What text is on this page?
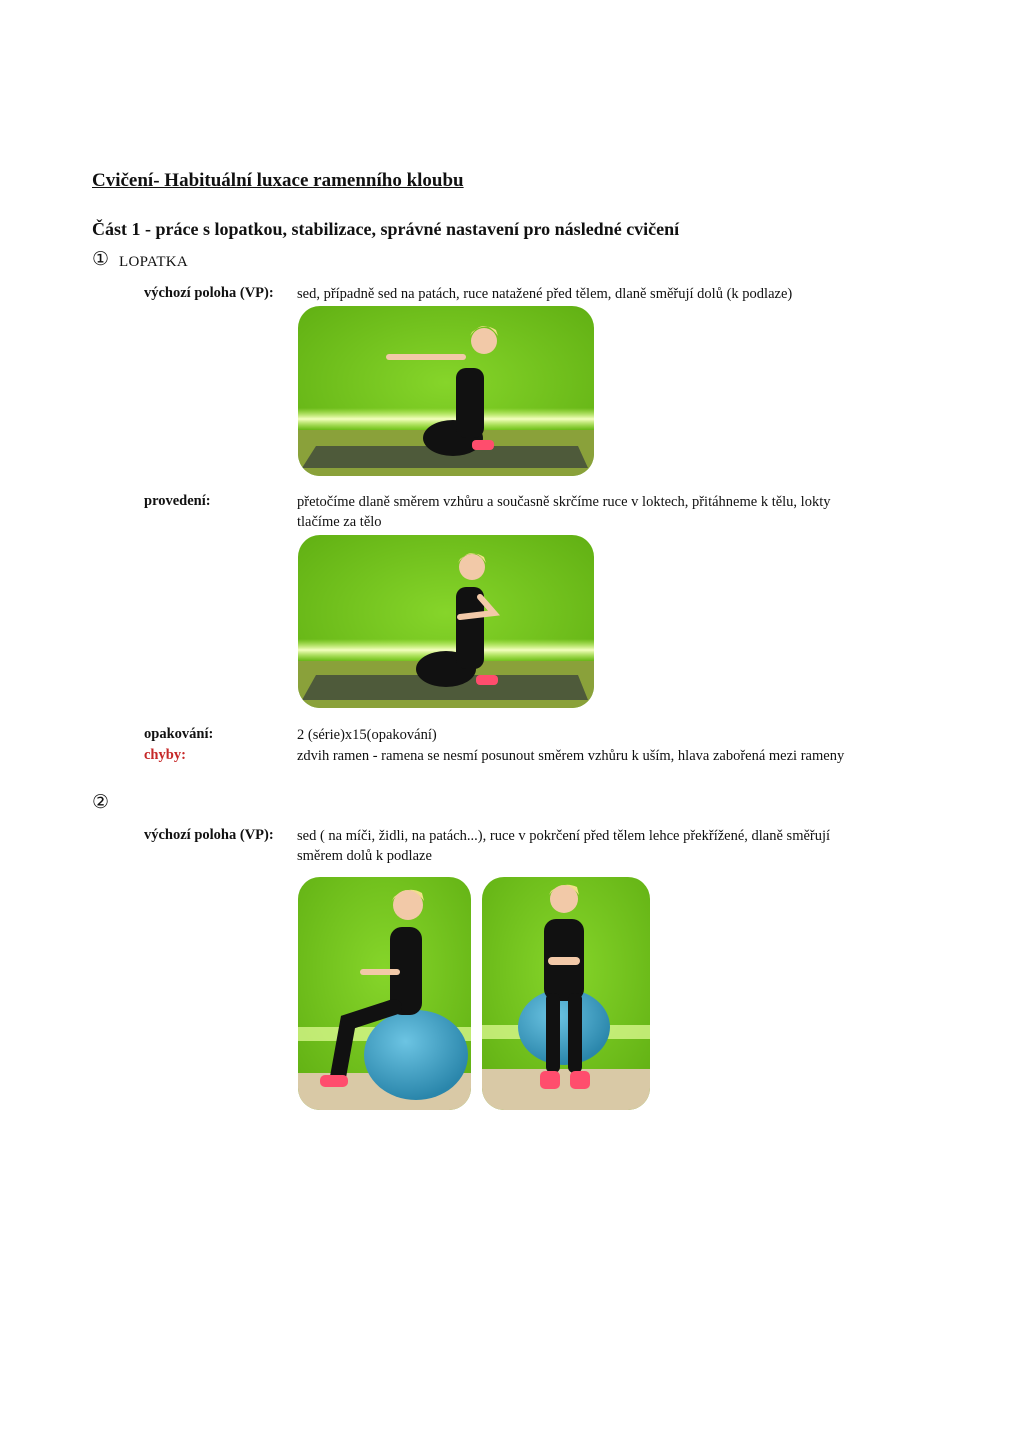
Cvičení- Habituální luxace ramenního kloubu
Část 1 - práce s lopatkou, stabilizace, správné nastavení pro následné cvičení
① LOPATKA
výchozí poloha (VP): sed, případně sed na patách, ruce natažené před tělem, dlaně směřují dolů (k podlaze)
provedení:	přetočíme dlaně směrem vzhůru a současně skrčíme ruce v loktech, přitáhneme k tělu, lokty tlačíme za tělo
opakování:	2 (série)x15(opakování)
chyby:	zdvih ramen - ramena se nesmí posunout směrem vzhůru k uším, hlava zabořená mezi rameny
②
výchozí poloha (VP): sed ( na míči, židli, na patách...), ruce v pokrčení před tělem lehce překřížené, dlaně směřují směrem dolů k podlaze
